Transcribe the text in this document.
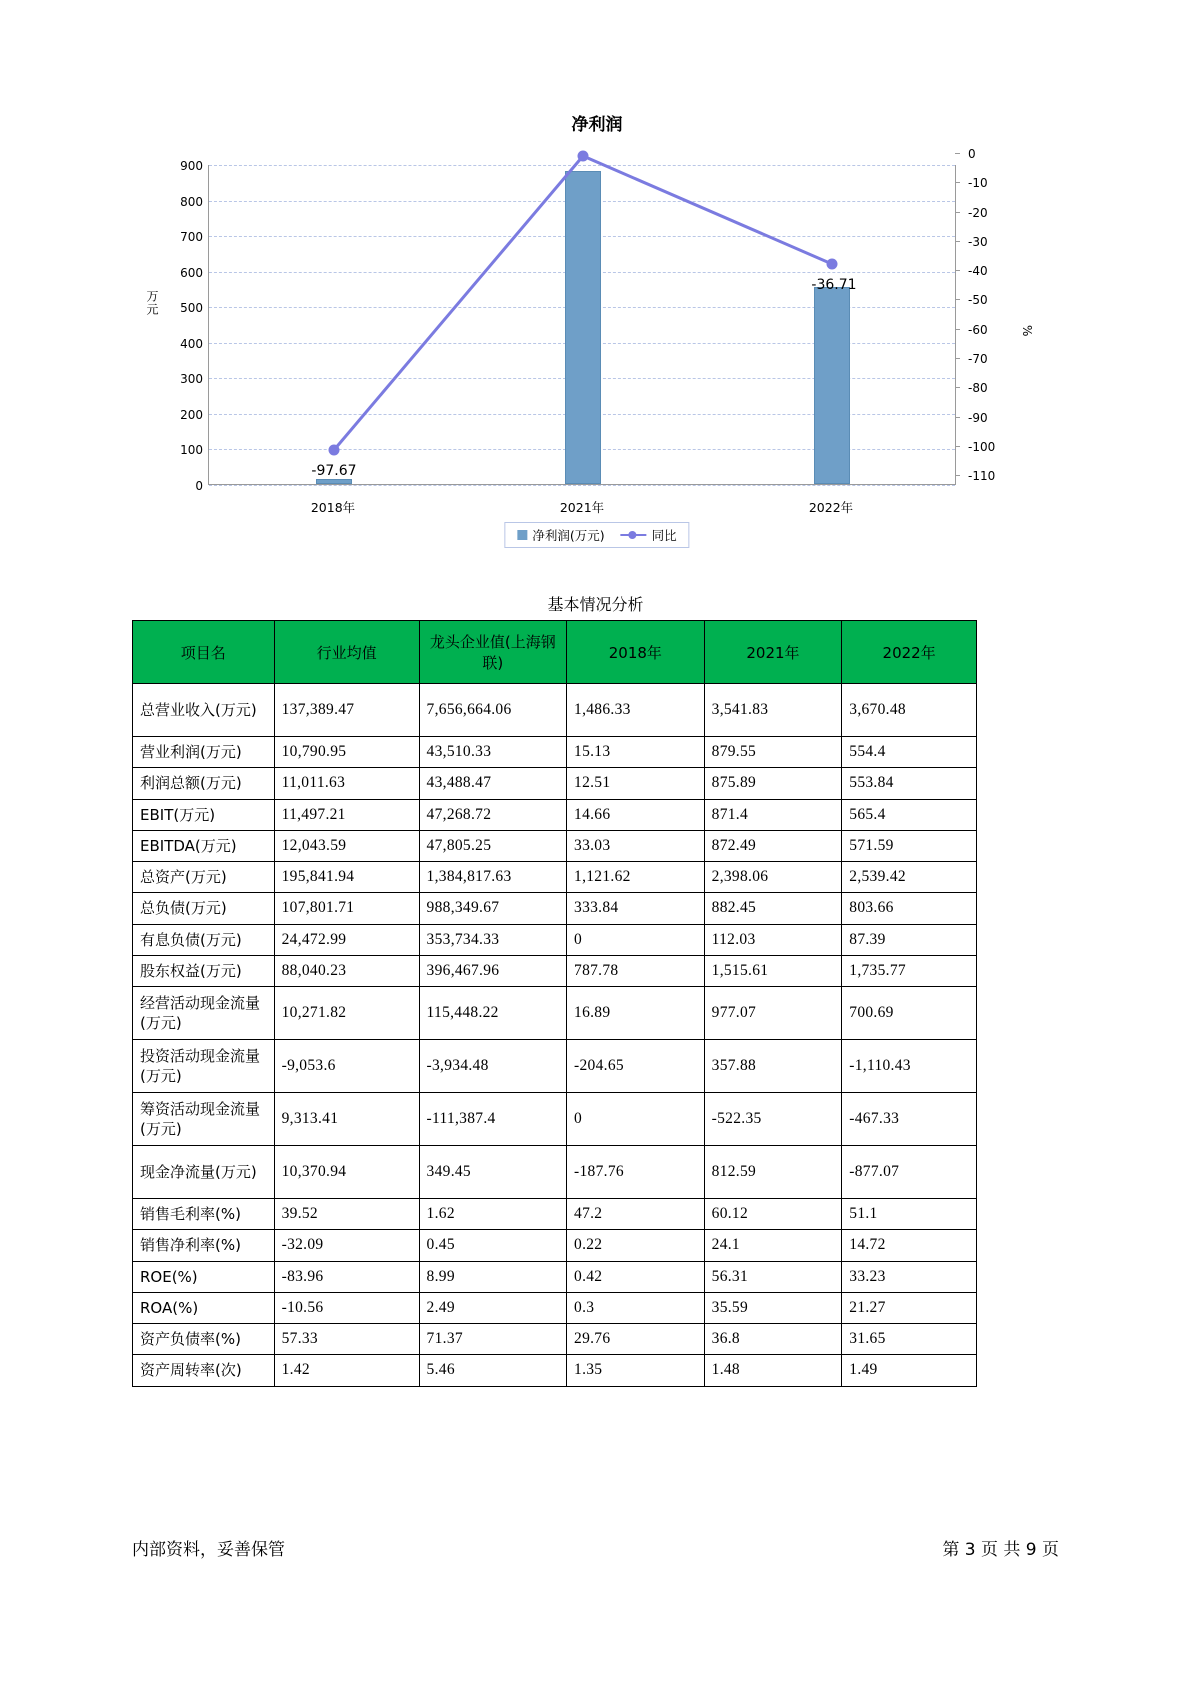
净利润
万元
%
0
100
200
300
400
500
600
700
800
900
0
-10
-20
-30
-40
-50
-60
-70
-80
-90
-100
-110
-97.67
-36.71
2018年	2021年	2022年
净利润(万元)	同比
基本情况分析
项目名	行业均值	龙头企业值(上海钢联)	2018年	2021年	2022年
总营业收入(万元)	137,389.47	7,656,664.06	1,486.33	3,541.83	3,670.48
营业利润(万元)	10,790.95	43,510.33	15.13	879.55	554.4
利润总额(万元)	11,011.63	43,488.47	12.51	875.89	553.84
EBIT(万元)	11,497.21	47,268.72	14.66	871.4	565.4
EBITDA(万元)	12,043.59	47,805.25	33.03	872.49	571.59
总资产(万元)	195,841.94	1,384,817.63	1,121.62	2,398.06	2,539.42
总负债(万元)	107,801.71	988,349.67	333.84	882.45	803.66
有息负债(万元)	24,472.99	353,734.33	0	112.03	87.39
股东权益(万元)	88,040.23	396,467.96	787.78	1,515.61	1,735.77
经营活动现金流量(万元)	10,271.82	115,448.22	16.89	977.07	700.69
投资活动现金流量(万元)	-9,053.6	-3,934.48	-204.65	357.88	-1,110.43
筹资活动现金流量(万元)	9,313.41	-111,387.4	0	-522.35	-467.33
现金净流量(万元)	10,370.94	349.45	-187.76	812.59	-877.07
销售毛利率(%)	39.52	1.62	47.2	60.12	51.1
销售净利率(%)	-32.09	0.45	0.22	24.1	14.72
ROE(%)	-83.96	8.99	0.42	56.31	33.23
ROA(%)	-10.56	2.49	0.3	35.59	21.27
资产负债率(%)	57.33	71.37	29.76	36.8	31.65
资产周转率(次)	1.42	5.46	1.35	1.48	1.49
内部资料，妥善保管	第 3 页 共 9 页
